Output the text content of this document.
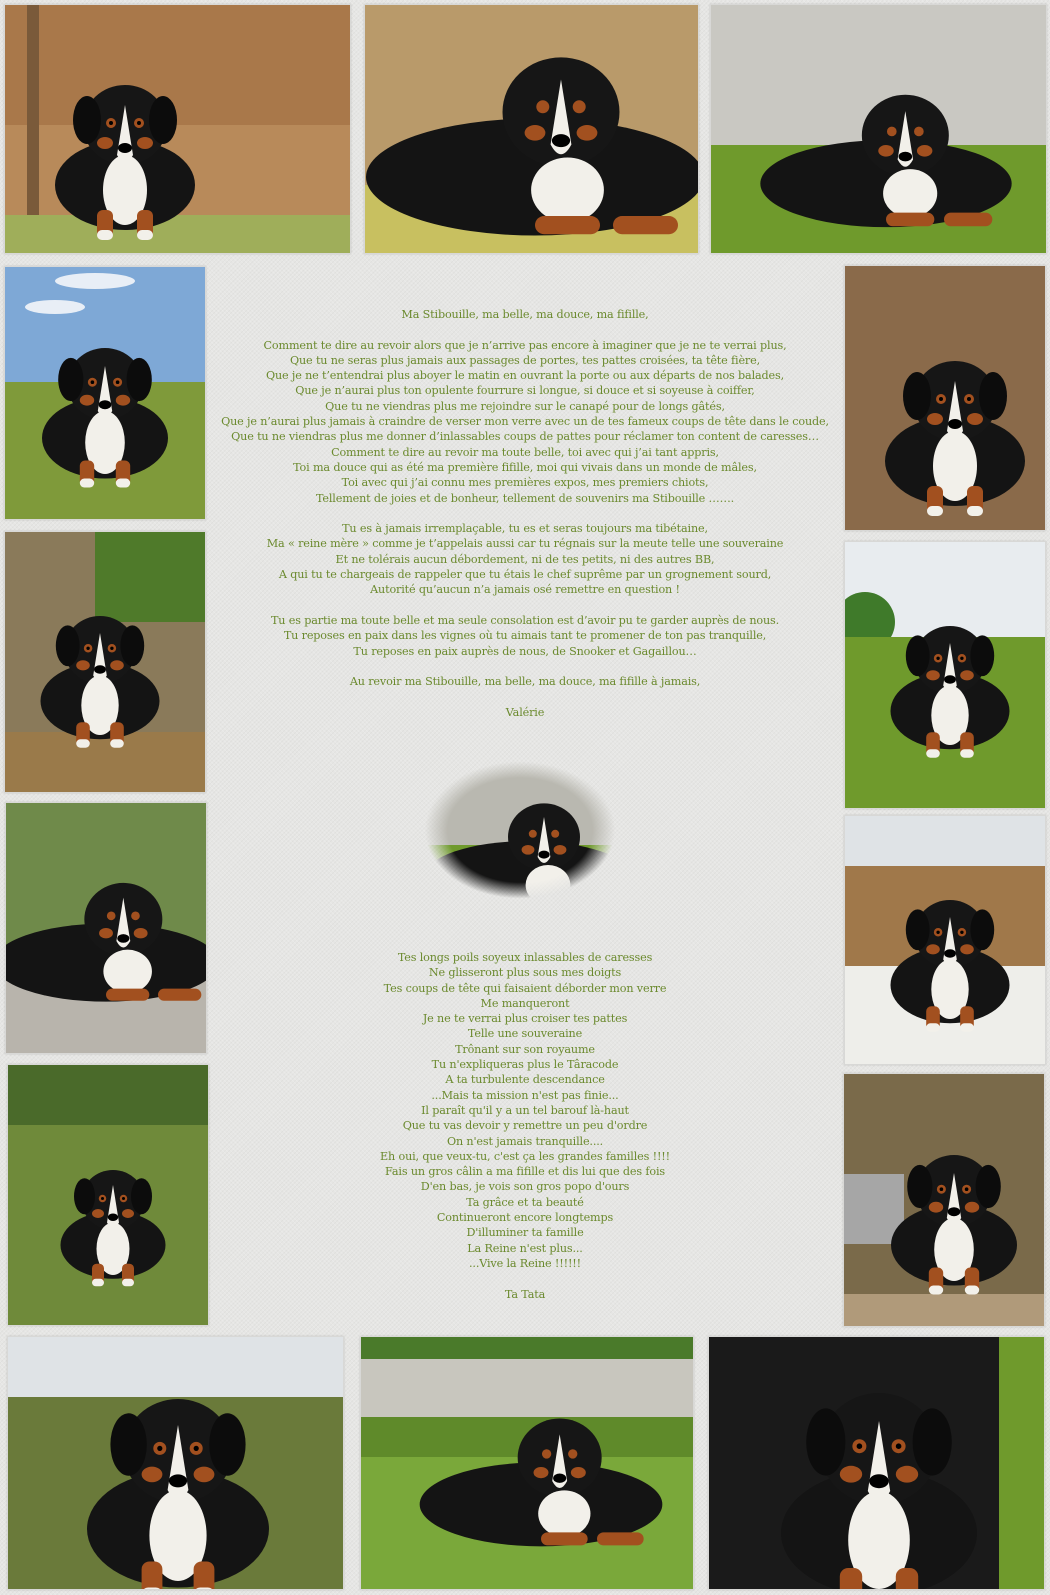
Ma Stibouille, ma belle, ma douce, ma fifille,
Comment te dire au revoir alors que je n’arrive pas encore à imaginer que je ne te verrai plus,
Que tu ne seras plus jamais aux passages de portes, tes pattes croisées, ta tête fière,
Que je ne t’entendrai plus aboyer le matin en ouvrant la porte ou aux départs de nos balades,
Que je n’aurai plus ton opulente fourrure si longue, si douce et si soyeuse à coiffer,
Que tu ne viendras plus me rejoindre sur le canapé pour de longs gâtés,
Que je n’aurai plus jamais à craindre de verser mon verre avec un de tes fameux coups de tête dans le coude,
Que tu ne viendras plus me donner d’inlassables coups de pattes pour réclamer ton content de caresses…
Comment te dire au revoir ma toute belle, toi avec qui j’ai tant appris,
Toi ma douce qui as été ma première fifille, moi qui vivais dans un monde de mâles,
Toi avec qui j’ai connu mes premières expos, mes premiers chiots,
Tellement de joies et de bonheur, tellement de souvenirs ma Stibouille …….
Tu es à jamais irremplaçable, tu es et seras toujours ma tibétaine,
Ma « reine mère » comme je t’appelais aussi car tu régnais sur la meute telle une souveraine
Et ne tolérais aucun débordement, ni de tes petits, ni des autres BB,
A qui tu te chargeais de rappeler que tu étais le chef suprême par un grognement sourd,
Autorité qu’aucun n’a jamais osé remettre en question !
Tu es partie ma toute belle et ma seule consolation est d’avoir pu te garder auprès de nous.
Tu reposes en paix dans les vignes où tu aimais tant te promener de ton pas tranquille,
Tu reposes en paix auprès de nous, de Snooker et Gagaillou…
Au revoir ma Stibouille, ma belle, ma douce, ma fifille à jamais,
Valérie
Tes longs poils soyeux inlassables de caresses
Ne glisseront plus sous mes doigts
Tes coups de tête qui faisaient déborder mon verre
Me manqueront
Je ne te verrai plus croiser tes pattes
Telle une souveraine
Trônant sur son royaume
Tu n'expliqueras plus le Târacode
A ta turbulente descendance
...Mais ta mission n'est pas finie...
Il paraît qu'il y a un tel barouf là-haut
Que tu vas devoir y remettre un peu d'ordre
On n'est jamais tranquille....
Eh oui, que veux-tu, c'est ça les grandes familles !!!!
Fais un gros câlin a ma fifille et dis lui que des fois
D'en bas, je vois son gros popo d'ours
Ta grâce et ta beauté
Continueront encore longtemps
D'illuminer ta famille
La Reine n'est plus...
...Vive la Reine !!!!!!
Ta Tata
